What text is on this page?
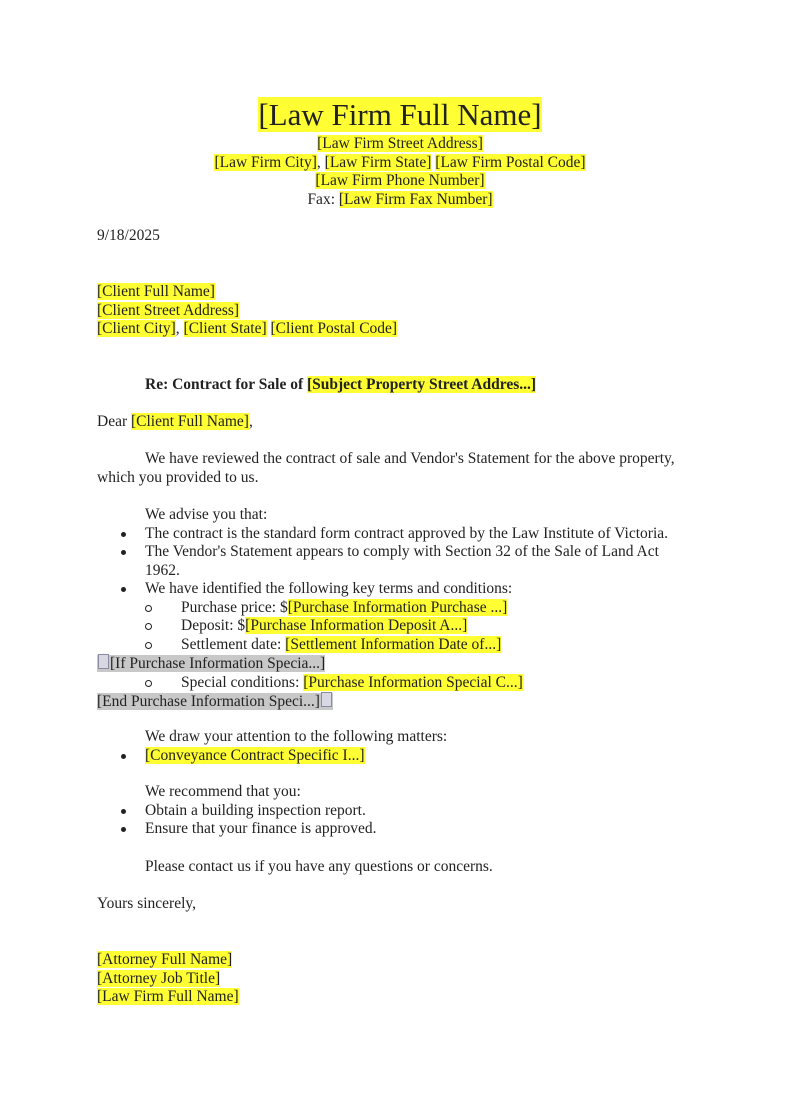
[Law Firm Full Name]
[Law Firm Street Address]
[Law Firm City], [Law Firm State] [Law Firm Postal Code]
[Law Firm Phone Number]
Fax: [Law Firm Fax Number]
9/18/2025
[Client Full Name]
[Client Street Address]
[Client City], [Client State] [Client Postal Code]
Re: Contract for Sale of [Subject Property Street Addres...]
Dear [Client Full Name],
We have reviewed the contract of sale and Vendor's Statement for the above property, which you provided to us.
We advise you that:
The contract is the standard form contract approved by the Law Institute of Victoria.
The Vendor's Statement appears to comply with Section 32 of the Sale of Land Act 1962.
We have identified the following key terms and conditions:
Purchase price: $[Purchase Information Purchase ...]
Deposit: $[Purchase Information Deposit A...]
Settlement date: [Settlement Information Date of...]
[If Purchase Information Specia...]
Special conditions: [Purchase Information Special C...]
[End Purchase Information Speci...]
We draw your attention to the following matters:
[Conveyance Contract Specific I...]
We recommend that you:
Obtain a building inspection report.
Ensure that your finance is approved.
Please contact us if you have any questions or concerns.
Yours sincerely,
[Attorney Full Name]
[Attorney Job Title]
[Law Firm Full Name]
